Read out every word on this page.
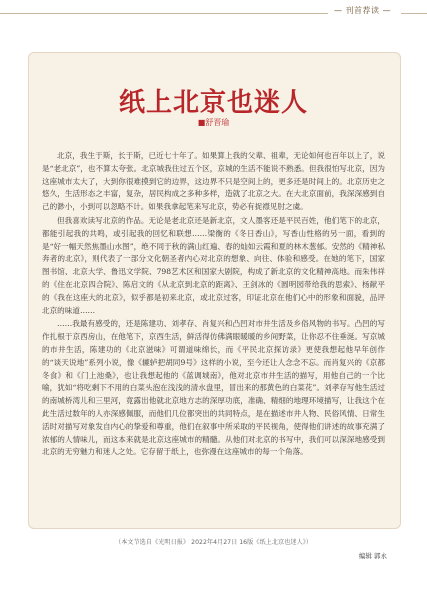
— 刊首荐读 —
纸上北京也迷人
■舒晋瑜

北京，我生于斯，长于斯，已近七十年了。如果算上我的父辈、祖辈，无论如何也百年以上了，说是“老北京”，也不算太夸张。北京城我住过五个区，京城的生活不能说不熟悉。但我很怕写北京，因为这座城市太大了，大到你很难摸到它的边界，这边界不只是空间上的，更多还是时间上的。北京历史之悠久，生活形态之丰富，复杂，居民构成之多种多样，造就了北京之大。在大北京面前，我深深感到自己的渺小，小到可以忽略不计。如果我拿起笔来写北京，势必有捉襟见肘之虞。

但我喜欢读写北京的作品。无论是老北京还是新北京，文人墨客还是平民百姓，他们笔下的北京，都能引起我的共鸣，或引起我的回忆和联想……梁衡的《冬日香山》，写香山性格的另一面，看到的是“好一幅天然焦墨山水图”，绝不同于秋的满山红遍、春的灿如云霞和夏的林木葱郁。安然的《精神私奔者的北京》，则代表了一部分文化朝圣者内心对北京的想象、向往、体验和感受。在她的笔下，国家图书馆、北京大学、鲁迅文学院、798艺术区和国家大剧院，构成了新北京的文化精神高地。而朱伟祥的《住在北京四合院》、陈启文的《从北京到北京的距离》、王剑冰的《圆明园带给我的思索》、杨献平的《我在这座大的北京》，似乎都是初来北京，或北京过客，印证北京在他们心中的形象和面貌，品评北京的味道……

……我最有感受的，还是陈建功、刘孝存、肖复兴和凸凹对市井生活及乡俗风物的书写。凸凹的写作扎根于京西房山，在他笔下，京西生活，鲜活得仿佛满眼暖暖的乡间野菜，让你忍不住垂涎。写京城的市井生活，陈建功的《北京滋味》可谓道味绵长，而《平民北京探访录》更使我想起他早年创作的“谈天说地”系列小说，像《辘轳把胡同9号》这样的小说，至今还让人念念不忘。而肖复兴的《京都冬食》和《门上池桑》，也让我想起他的《蓝调城南》，他对北京市井生活的描写，用他自己的一个比喻，犹如“将吃剩下不用的白菜头泡在浅浅的清水盘里，冒出来的那黄色的白菜花”。刘孝存写他生活过的南城桥湾儿和三里河，竟露出他就北京地方志的深厚功底，准确、精细的地理环境描写，让我这个在此生活过数年的人亦深感佩服，而他们几位都突出的共同特点，是在描述市井人物、民俗风情、日常生活时对描写对象发自内心的挚爱和尊重，他们在叙事中所采取的平民视角，使得他们讲述的故事充满了浓郁的人情味儿，而这本来就是北京这座城市的精髓。从他们对北京的书写中，我们可以深深地感受到北京的无穷魅力和迷人之处。它存留于纸上，也弥漫在这座城市的每一个角落。

（本文节选自《光明日报》 2022年4月27日 16版《纸上北京也迷人》）
编辑 郭永
